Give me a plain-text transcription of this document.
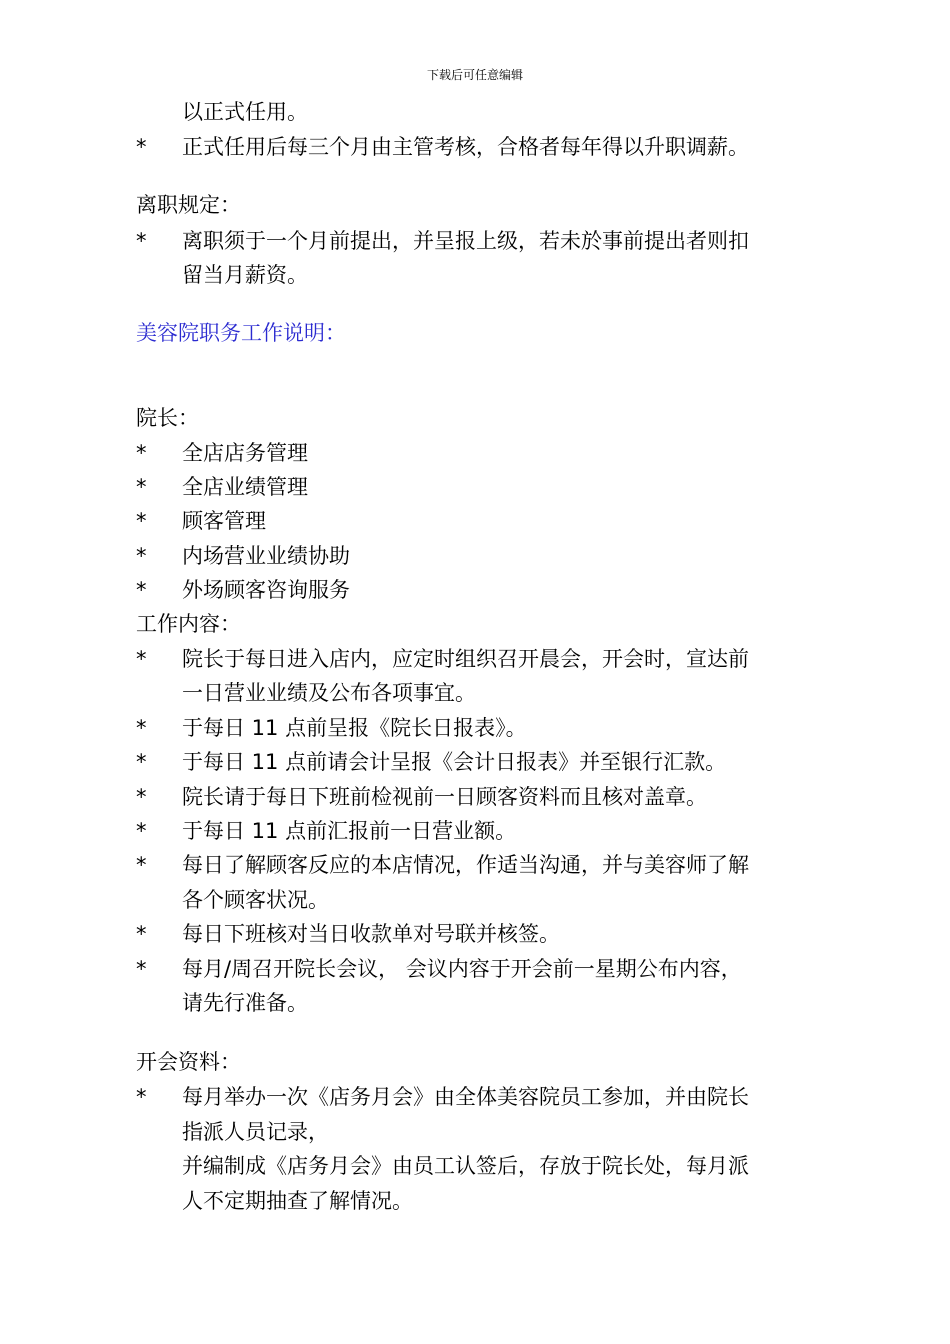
下载后可任意编辑
以正式任用。
* 正式任用后每三个月由主管考核，合格者每年得以升职调薪。
离职规定：
* 离职须于一个月前提出，并呈报上级，若未於事前提出者则扣
留当月薪资。
美容院职务工作说明：
院长：
* 全店店务管理
* 全店业绩管理
* 顾客管理
* 内场营业业绩协助
* 外场顾客咨询服务
工作内容：
* 院长于每日进入店内，应定时组织召开晨会，开会时，宣达前
一日营业业绩及公布各项事宜。
* 于每日 11 点前呈报《院长日报表》。
* 于每日 11 点前请会计呈报《会计日报表》并至银行汇款。
* 院长请于每日下班前检视前一日顾客资料而且核对盖章。
* 于每日 11 点前汇报前一日营业额。
* 每日了解顾客反应的本店情况，作适当沟通，并与美容师了解
各个顾客状况。
* 每日下班核对当日收款单对号联并核签。
* 每月/周召开院长会议， 会议内容于开会前一星期公布内容，
请先行准备。
开会资料：
* 每月举办一次《店务月会》由全体美容院员工参加，并由院长
指派人员记录，
并编制成《店务月会》由员工认签后，存放于院长处，每月派
人不定期抽查了解情况。
